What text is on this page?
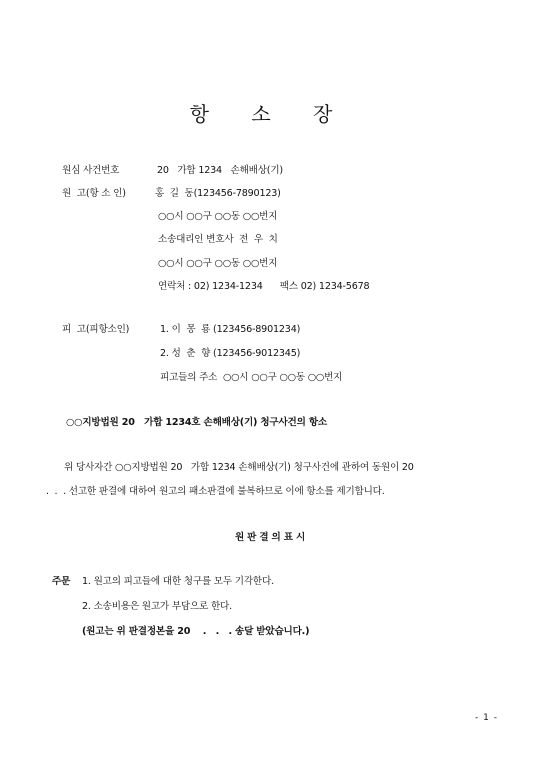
항 소 장
원심 사건번호	20   가합 1234   손해배상(기)
원  고(항 소 인)	홍  길  동(123456-7890123)
○○시 ○○구 ○○동 ○○번지
소송대리인 변호사  전  우  치
○○시 ○○구 ○○동 ○○번지
연락처 : 02) 1234-1234      팩스 02) 1234-5678
피  고(피항소인)	1. 이  몽  룡 (123456-8901234)
2. 성  춘  향 (123456-9012345)
피고들의 주소  ○○시 ○○구 ○○동 ○○번지
○○지방법원 20   가합 1234호 손해배상(기) 청구사건의 항소
위 당사자간 ○○지방법원 20   가합 1234 손해배상(기) 청구사건에 관하여 동원이 20
.  .  . 선고한 판결에 대하여 원고의 패소판결에 불복하므로 이에 항소를 제기합니다.
원 판 결 의 표 시
주문 1. 원고의 피고들에 대한 청구를 모두 기각한다.
2. 소송비용은 원고가 부담으로 한다.
(원고는 위 판결정본을 20    .   .   . 송달 받았습니다.)
- 1 -
